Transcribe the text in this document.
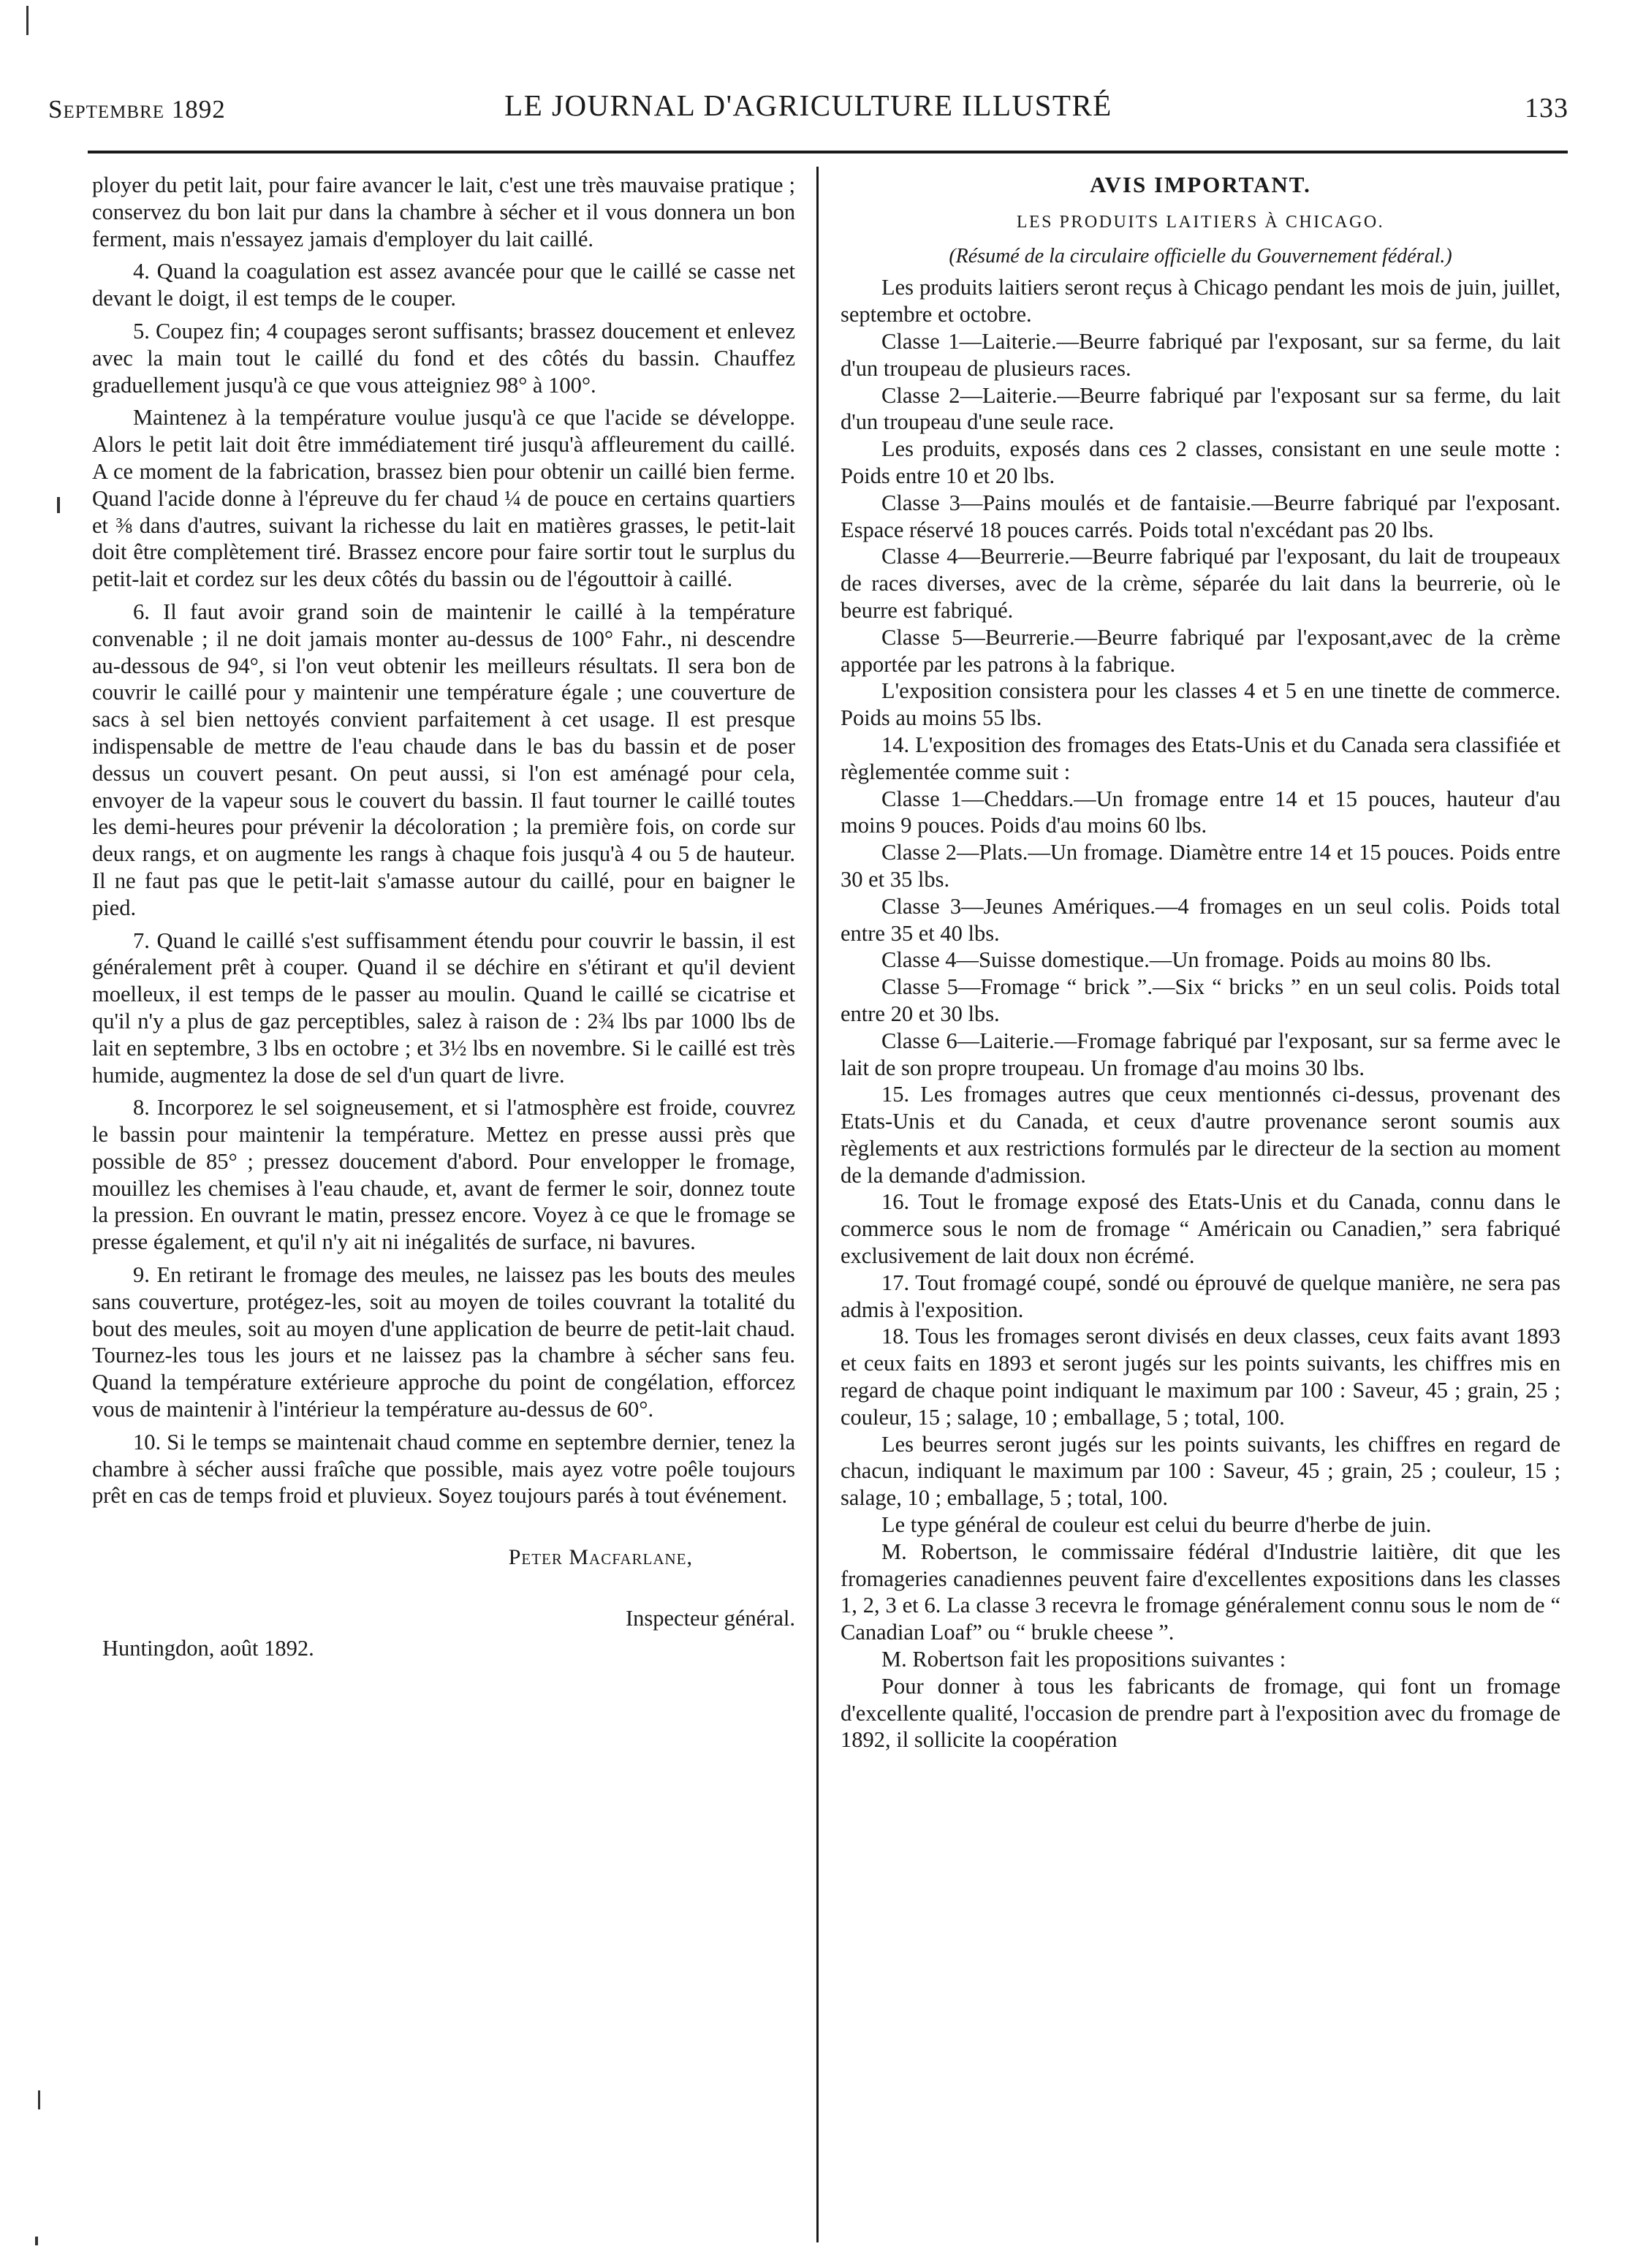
Septembre 1892	LE JOURNAL D'AGRICULTURE ILLUSTRÉ	133

ployer du petit lait, pour faire avancer le lait, c'est une très mauvaise pratique ; conservez du bon lait pur dans la chambre à sécher et il vous donnera un bon ferment, mais n'essayez jamais d'employer du lait caillé.

4. Quand la coagulation est assez avancée pour que le caillé se casse net devant le doigt, il est temps de le couper.

5. Coupez fin; 4 coupages seront suffisants; brassez doucement et enlevez avec la main tout le caillé du fond et des côtés du bassin. Chauffez graduellement jusqu'à ce que vous atteigniez 98° à 100°.

Maintenez à la température voulue jusqu'à ce que l'acide se développe. Alors le petit lait doit être immédiatement tiré jusqu'à affleurement du caillé. A ce moment de la fabrication, brassez bien pour obtenir un caillé bien ferme. Quand l'acide donne à l'épreuve du fer chaud ¼ de pouce en certains quartiers et ⅜ dans d'autres, suivant la richesse du lait en matières grasses, le petit-lait doit être complètement tiré. Brassez encore pour faire sortir tout le surplus du petit-lait et cordez sur les deux côtés du bassin ou de l'égouttoir à caillé.

6. Il faut avoir grand soin de maintenir le caillé à la température convenable ; il ne doit jamais monter au-dessus de 100° Fahr., ni descendre au-dessous de 94°, si l'on veut obtenir les meilleurs résultats. Il sera bon de couvrir le caillé pour y maintenir une température égale ; une couverture de sacs à sel bien nettoyés convient parfaitement à cet usage. Il est presque indispensable de mettre de l'eau chaude dans le bas du bassin et de poser dessus un couvert pesant. On peut aussi, si l'on est aménagé pour cela, envoyer de la vapeur sous le couvert du bassin. Il faut tourner le caillé toutes les demi-heures pour prévenir la décoloration ; la première fois, on corde sur deux rangs, et on augmente les rangs à chaque fois jusqu'à 4 ou 5 de hauteur. Il ne faut pas que le petit-lait s'amasse autour du caillé, pour en baigner le pied.

7. Quand le caillé s'est suffisamment étendu pour couvrir le bassin, il est généralement prêt à couper. Quand il se déchire en s'étirant et qu'il devient moelleux, il est temps de le passer au moulin. Quand le caillé se cicatrise et qu'il n'y a plus de gaz perceptibles, salez à raison de : 2¾ lbs par 1000 lbs de lait en septembre, 3 lbs en octobre ; et 3½ lbs en novembre. Si le caillé est très humide, augmentez la dose de sel d'un quart de livre.

8. Incorporez le sel soigneusement, et si l'atmosphère est froide, couvrez le bassin pour maintenir la température. Mettez en presse aussi près que possible de 85° ; pressez doucement d'abord. Pour envelopper le fromage, mouillez les chemises à l'eau chaude, et, avant de fermer le soir, donnez toute la pression. En ouvrant le matin, pressez encore. Voyez à ce que le fromage se presse également, et qu'il n'y ait ni inégalités de surface, ni bavures.

9. En retirant le fromage des meules, ne laissez pas les bouts des meules sans couverture, protégez-les, soit au moyen de toiles couvrant la totalité du bout des meules, soit au moyen d'une application de beurre de petit-lait chaud. Tournez-les tous les jours et ne laissez pas la chambre à sécher sans feu. Quand la température extérieure approche du point de congélation, efforcez vous de maintenir à l'intérieur la température au-dessus de 60°.

10. Si le temps se maintenait chaud comme en septembre dernier, tenez la chambre à sécher aussi fraîche que possible, mais ayez votre poêle toujours prêt en cas de temps froid et pluvieux. Soyez toujours parés à tout événement.

Peter Macfarlane,
Inspecteur général.
Huntingdon, août 1892.
AVIS IMPORTANT.
LES PRODUITS LAITIERS À CHICAGO.
(Résumé de la circulaire officielle du Gouvernement fédéral.)

Les produits laitiers seront reçus à Chicago pendant les mois de juin, juillet, septembre et octobre.

Classe 1—Laiterie.—Beurre fabriqué par l'exposant, sur sa ferme, du lait d'un troupeau de plusieurs races.

Classe 2—Laiterie.—Beurre fabriqué par l'exposant sur sa ferme, du lait d'un troupeau d'une seule race.

Les produits, exposés dans ces 2 classes, consistant en une seule motte : Poids entre 10 et 20 lbs.

Classe 3—Pains moulés et de fantaisie.—Beurre fabriqué par l'exposant. Espace réservé 18 pouces carrés. Poids total n'excédant pas 20 lbs.

Classe 4—Beurrerie.—Beurre fabriqué par l'exposant, du lait de troupeaux de races diverses, avec de la crème, séparée du lait dans la beurrerie, où le beurre est fabriqué.

Classe 5—Beurrerie.—Beurre fabriqué par l'exposant,avec de la crème apportée par les patrons à la fabrique.

L'exposition consistera pour les classes 4 et 5 en une tinette de commerce. Poids au moins 55 lbs.

14. L'exposition des fromages des Etats-Unis et du Canada sera classifiée et règlementée comme suit :

Classe 1—Cheddars.—Un fromage entre 14 et 15 pouces, hauteur d'au moins 9 pouces. Poids d'au moins 60 lbs.

Classe 2—Plats.—Un fromage. Diamètre entre 14 et 15 pouces. Poids entre 30 et 35 lbs.

Classe 3—Jeunes Amériques.—4 fromages en un seul colis. Poids total entre 35 et 40 lbs.

Classe 4—Suisse domestique.—Un fromage. Poids au moins 80 lbs.

Classe 5—Fromage “ brick ”.—Six “ bricks ” en un seul colis. Poids total entre 20 et 30 lbs.

Classe 6—Laiterie.—Fromage fabriqué par l'exposant, sur sa ferme avec le lait de son propre troupeau. Un fromage d'au moins 30 lbs.

15. Les fromages autres que ceux mentionnés ci-dessus, provenant des Etats-Unis et du Canada, et ceux d'autre provenance seront soumis aux règlements et aux restrictions formulés par le directeur de la section au moment de la demande d'admission.

16. Tout le fromage exposé des Etats-Unis et du Canada, connu dans le commerce sous le nom de fromage “ Américain ou Canadien,” sera fabriqué exclusivement de lait doux non écrémé.

17. Tout fromagé coupé, sondé ou éprouvé de quelque manière, ne sera pas admis à l'exposition.

18. Tous les fromages seront divisés en deux classes, ceux faits avant 1893 et ceux faits en 1893 et seront jugés sur les points suivants, les chiffres mis en regard de chaque point indiquant le maximum par 100 : Saveur, 45 ; grain, 25 ; couleur, 15 ; salage, 10 ; emballage, 5 ; total, 100.

Les beurres seront jugés sur les points suivants, les chiffres en regard de chacun, indiquant le maximum par 100 : Saveur, 45 ; grain, 25 ; couleur, 15 ; salage, 10 ; emballage, 5 ; total, 100.

Le type général de couleur est celui du beurre d'herbe de juin.

M. Robertson, le commissaire fédéral d'Industrie laitière, dit que les fromageries canadiennes peuvent faire d'excellentes expositions dans les classes 1, 2, 3 et 6. La classe 3 recevra le fromage généralement connu sous le nom de “ Canadian Loaf” ou “ brukle cheese ”.

M. Robertson fait les propositions suivantes :

Pour donner à tous les fabricants de fromage, qui font un fromage d'excellente qualité, l'occasion de prendre part à l'exposition avec du fromage de 1892, il sollicite la coopération
